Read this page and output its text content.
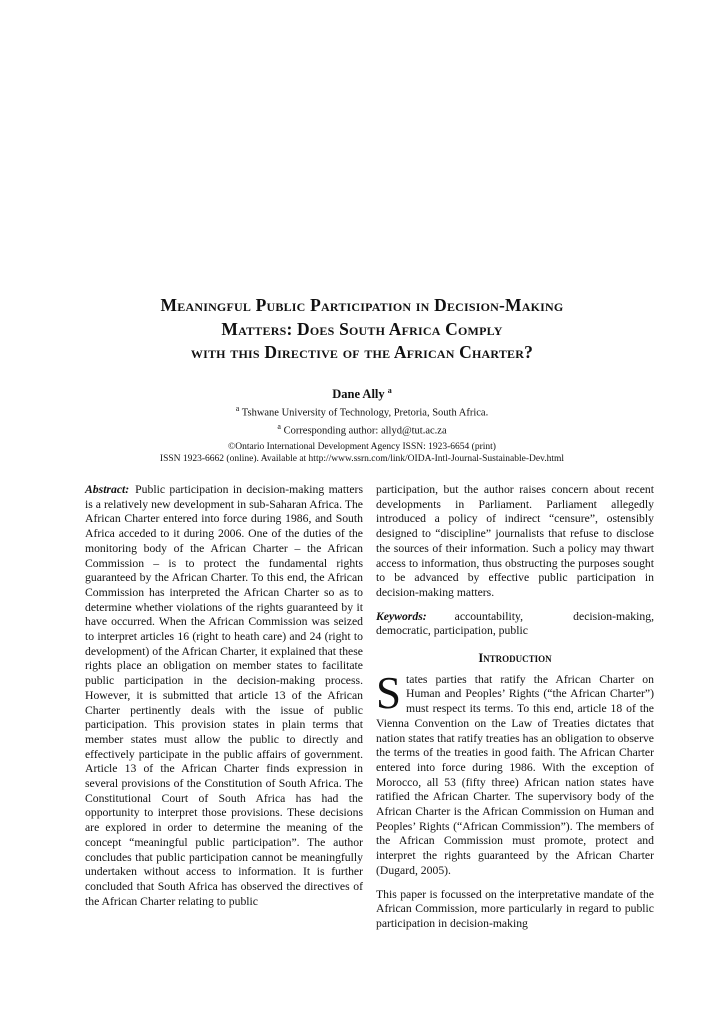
Meaningful Public Participation in Decision-Making
Matters: Does South Africa Comply
with this Directive of the African Charter?
Dane Ally $^a$
$^a$ Tshwane University of Technology, Pretoria, South Africa.
$^a$ Corresponding author: allyd@tut.ac.za
©Ontario International Development Agency ISSN: 1923-6654 (print)
ISSN 1923-6662 (online). Available at http://www.ssrn.com/link/OIDA-Intl-Journal-Sustainable-Dev.html

Abstract: Public participation in decision-making matters is a relatively new development in sub-Saharan Africa. The African Charter entered into force during 1986, and South Africa acceded to it during 2006. One of the duties of the monitoring body of the African Charter – the African Commission – is to protect the fundamental rights guaranteed by the African Charter. To this end, the African Commission has interpreted the African Charter so as to determine whether violations of the rights guaranteed by it have occurred. When the African Commission was seized to interpret articles 16 (right to heath care) and 24 (right to development) of the African Charter, it explained that these rights place an obligation on member states to facilitate public participation in the decision-making process. However, it is submitted that article 13 of the African Charter pertinently deals with the issue of public participation. This provision states in plain terms that member states must allow the public to directly and effectively participate in the public affairs of government. Article 13 of the African Charter finds expression in several provisions of the Constitution of South Africa. The Constitutional Court of South Africa has had the opportunity to interpret those provisions. These decisions are explored in order to determine the meaning of the concept “meaningful public participation”. The author concludes that public participation cannot be meaningfully undertaken without access to information. It is further concluded that South Africa has observed the directives of the African Charter relating to public

participation, but the author raises concern about recent developments in Parliament. Parliament allegedly introduced a policy of indirect “censure”, ostensibly designed to “discipline” journalists that refuse to disclose the sources of their information. Such a policy may thwart access to information, thus obstructing the purposes sought to be advanced by effective public participation in decision-making matters.

Keywords: accountability, decision-making, democratic, participation, public

Introduction

States parties that ratify the African Charter on Human and Peoples’ Rights (“the African Charter”) must respect its terms. To this end, article 18 of the Vienna Convention on the Law of Treaties dictates that nation states that ratify treaties has an obligation to observe the terms of the treaties in good faith. The African Charter entered into force during 1986. With the exception of Morocco, all 53 (fifty three) African nation states have ratified the African Charter. The supervisory body of the African Charter is the African Commission on Human and Peoples’ Rights (“African Commission”). The members of the African Commission must promote, protect and interpret the rights guaranteed by the African Charter (Dugard, 2005).

This paper is focussed on the interpretative mandate of the African Commission, more particularly in regard to public participation in decision-making
